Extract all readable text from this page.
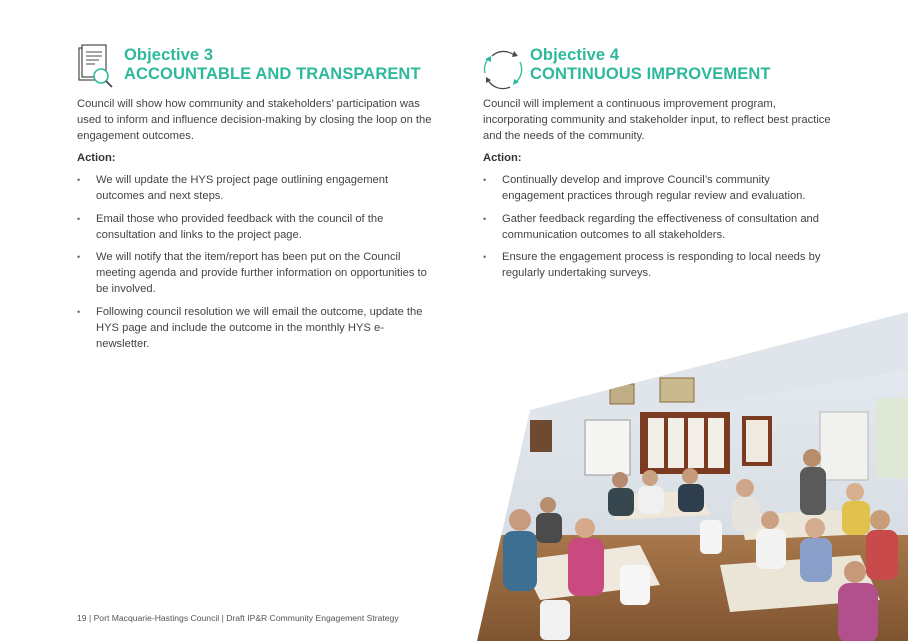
Objective 3
ACCOUNTABLE AND TRANSPARENT
Council will show how community and stakeholders’ participation was used to inform and influence decision-making by closing the loop on the engagement outcomes.
Action:
• We will update the HYS project page outlining engagement outcomes and next steps.
• Email those who provided feedback with the council of the consultation and links to the project page.
• We will notify that the item/report has been put on the Council meeting agenda and provide further information on opportunities to be involved.
• Following council resolution we will email the outcome, update the HYS page and include the outcome in the monthly HYS e-newsletter.
Objective 4
CONTINUOUS IMPROVEMENT
Council will implement a continuous improvement program, incorporating community and stakeholder input, to reflect best practice and the needs of the community.
Action:
• Continually develop and improve Council’s community engagement practices through regular review and evaluation.
• Gather feedback regarding the effectiveness of consultation and communication outcomes to all stakeholders.
• Ensure the engagement process is responding to local needs by regularly undertaking surveys.
19 | Port Macquarie-Hastings Council | Draft IP&R Community Engagement Strategy
